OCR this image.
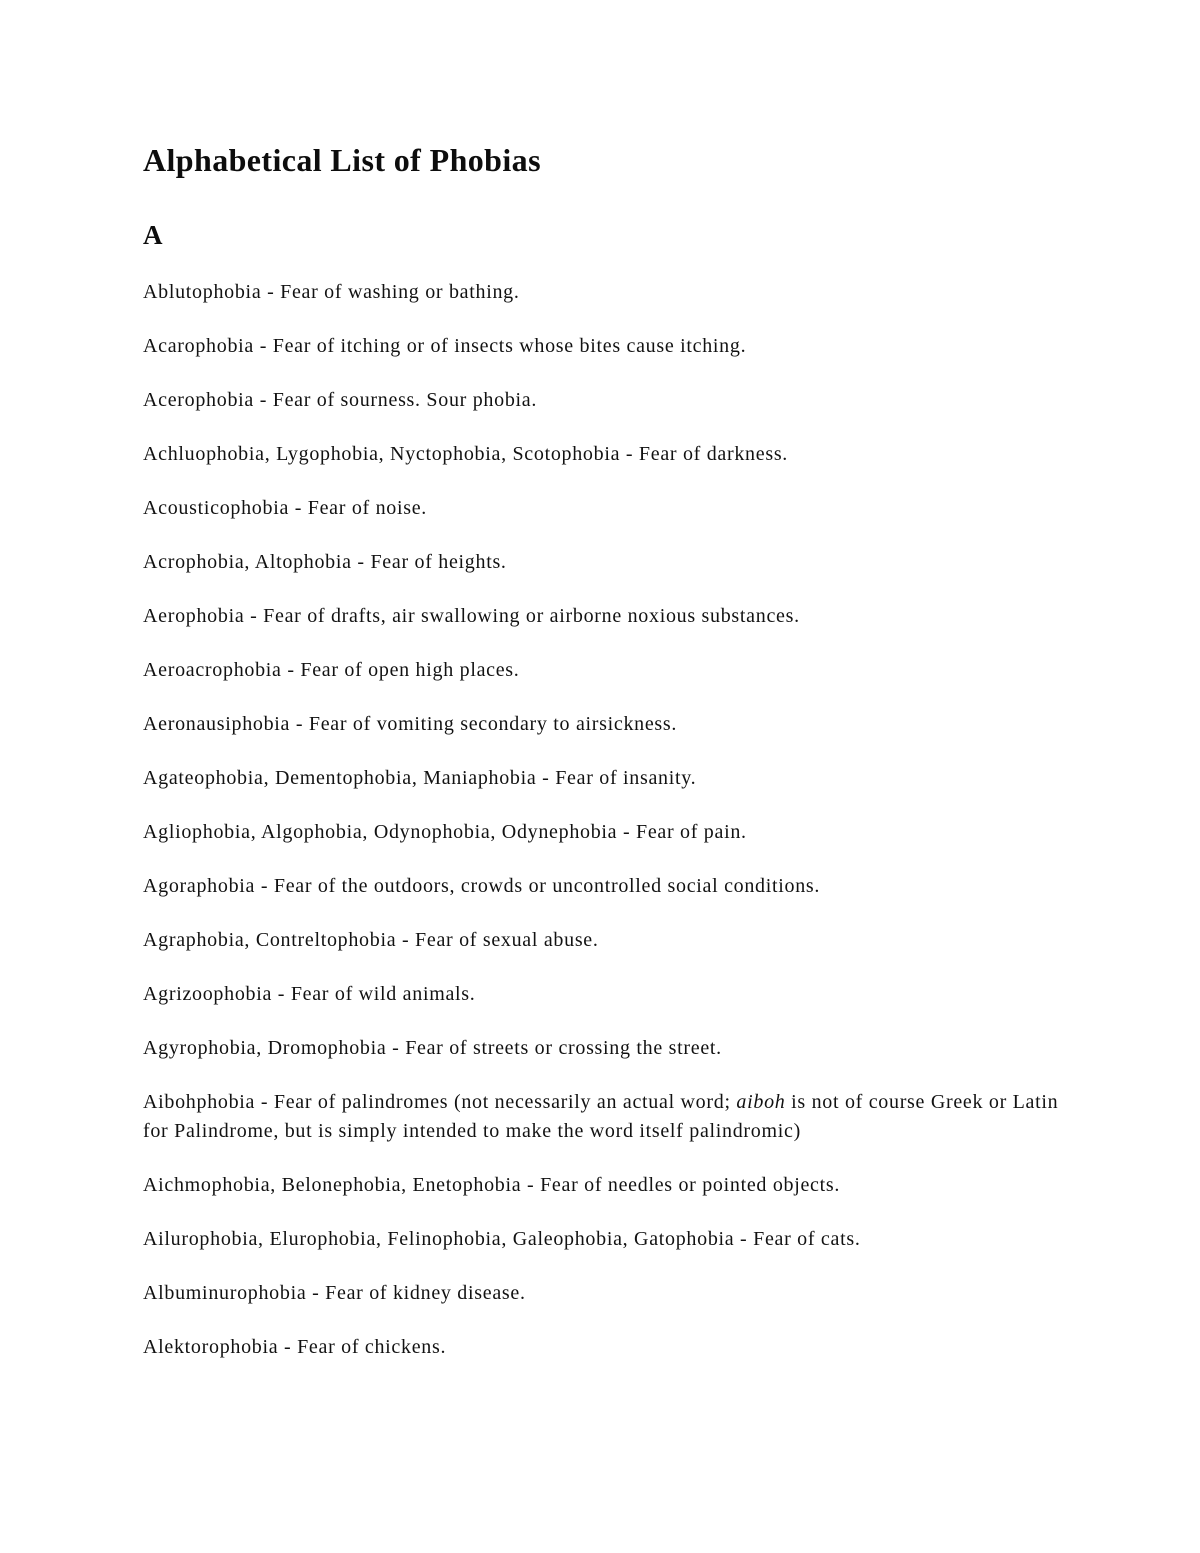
Alphabetical List of Phobias
A

Ablutophobia - Fear of washing or bathing.

Acarophobia - Fear of itching or of insects whose bites cause itching.

Acerophobia - Fear of sourness. Sour phobia.

Achluophobia, Lygophobia, Nyctophobia, Scotophobia - Fear of darkness.

Acousticophobia - Fear of noise.

Acrophobia, Altophobia - Fear of heights.

Aerophobia - Fear of drafts, air swallowing or airborne noxious substances.

Aeroacrophobia - Fear of open high places.

Aeronausiphobia - Fear of vomiting secondary to airsickness.

Agateophobia, Dementophobia, Maniaphobia - Fear of insanity.

Agliophobia, Algophobia, Odynophobia, Odynephobia - Fear of pain.

Agoraphobia - Fear of the outdoors, crowds or uncontrolled social conditions.

Agraphobia, Contreltophobia - Fear of sexual abuse.

Agrizoophobia - Fear of wild animals.

Agyrophobia, Dromophobia - Fear of streets or crossing the street.

Aibohphobia - Fear of palindromes (not necessarily an actual word; aiboh is not of course Greek or Latin for Palindrome, but is simply intended to make the word itself palindromic)

Aichmophobia, Belonephobia, Enetophobia - Fear of needles or pointed objects.

Ailurophobia, Elurophobia, Felinophobia, Galeophobia, Gatophobia - Fear of cats.

Albuminurophobia - Fear of kidney disease.

Alektorophobia - Fear of chickens.
